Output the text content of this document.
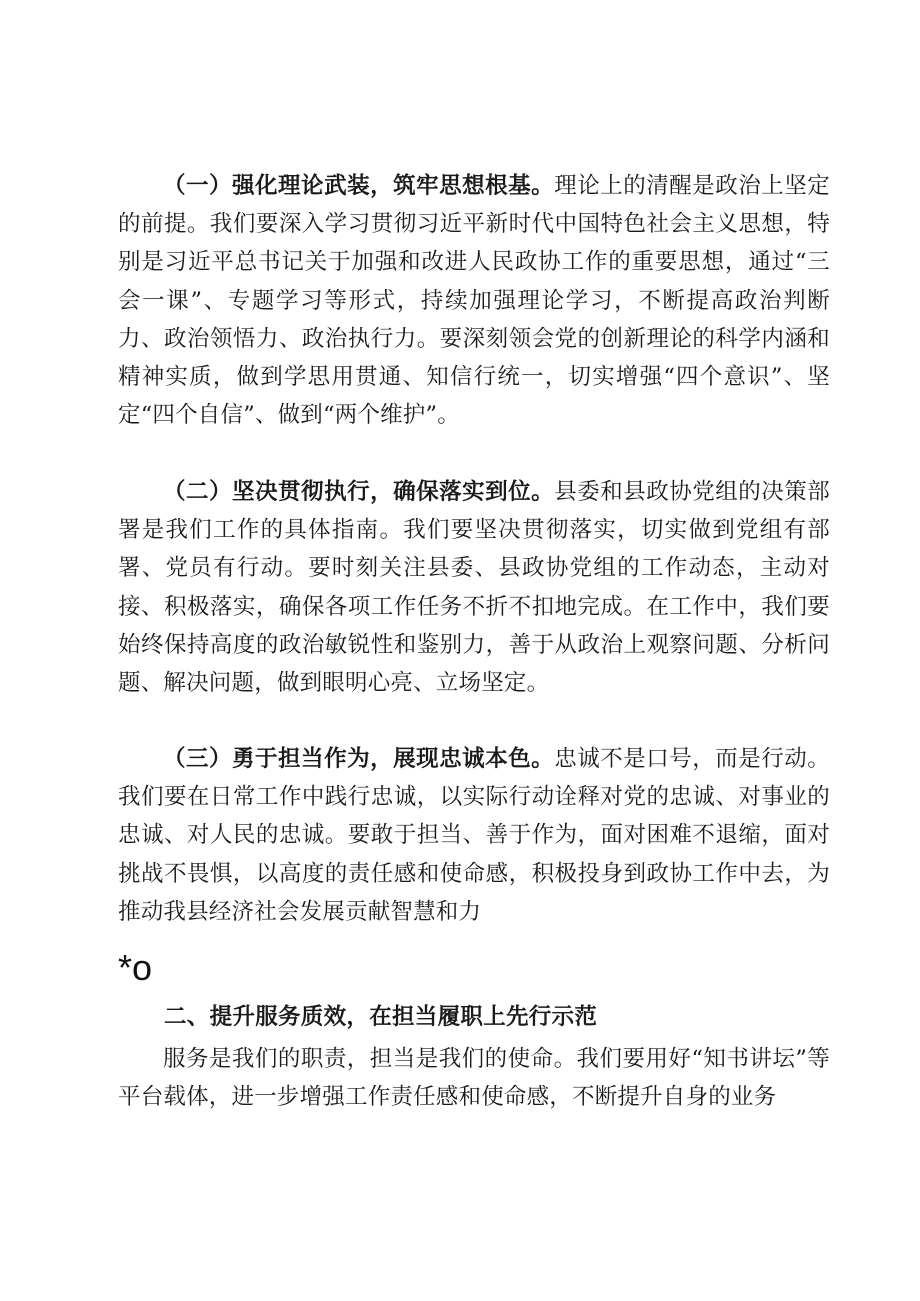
（一）强化理论武装，筑牢思想根基。理论上的清醒是政治上坚定的前提。我们要深入学习贯彻习近平新时代中国特色社会主义思想，特别是习近平总书记关于加强和改进人民政协工作的重要思想，通过“三会一课”、专题学习等形式，持续加强理论学习，不断提高政治判断力、政治领悟力、政治执行力。要深刻领会党的创新理论的科学内涵和精神实质，做到学思用贯通、知信行统一，切实增强“四个意识”、坚定“四个自信”、做到“两个维护”。

（二）坚决贯彻执行，确保落实到位。县委和县政协党组的决策部署是我们工作的具体指南。我们要坚决贯彻落实，切实做到党组有部署、党员有行动。要时刻关注县委、县政协党组的工作动态，主动对接、积极落实，确保各项工作任务不折不扣地完成。在工作中，我们要始终保持高度的政治敏锐性和鉴别力，善于从政治上观察问题、分析问题、解决问题，做到眼明心亮、立场坚定。

（三）勇于担当作为，展现忠诚本色。忠诚不是口号，而是行动。我们要在日常工作中践行忠诚，以实际行动诠释对党的忠诚、对事业的忠诚、对人民的忠诚。要敢于担当、善于作为，面对困难不退缩，面对挑战不畏惧，以高度的责任感和使命感，积极投身到政协工作中去，为推动我县经济社会发展贡献智慧和力

*o

二、提升服务质效，在担当履职上先行示范

服务是我们的职责，担当是我们的使命。我们要用好“知书讲坛”等平台载体，进一步增强工作责任感和使命感，不断提升自身的业务
